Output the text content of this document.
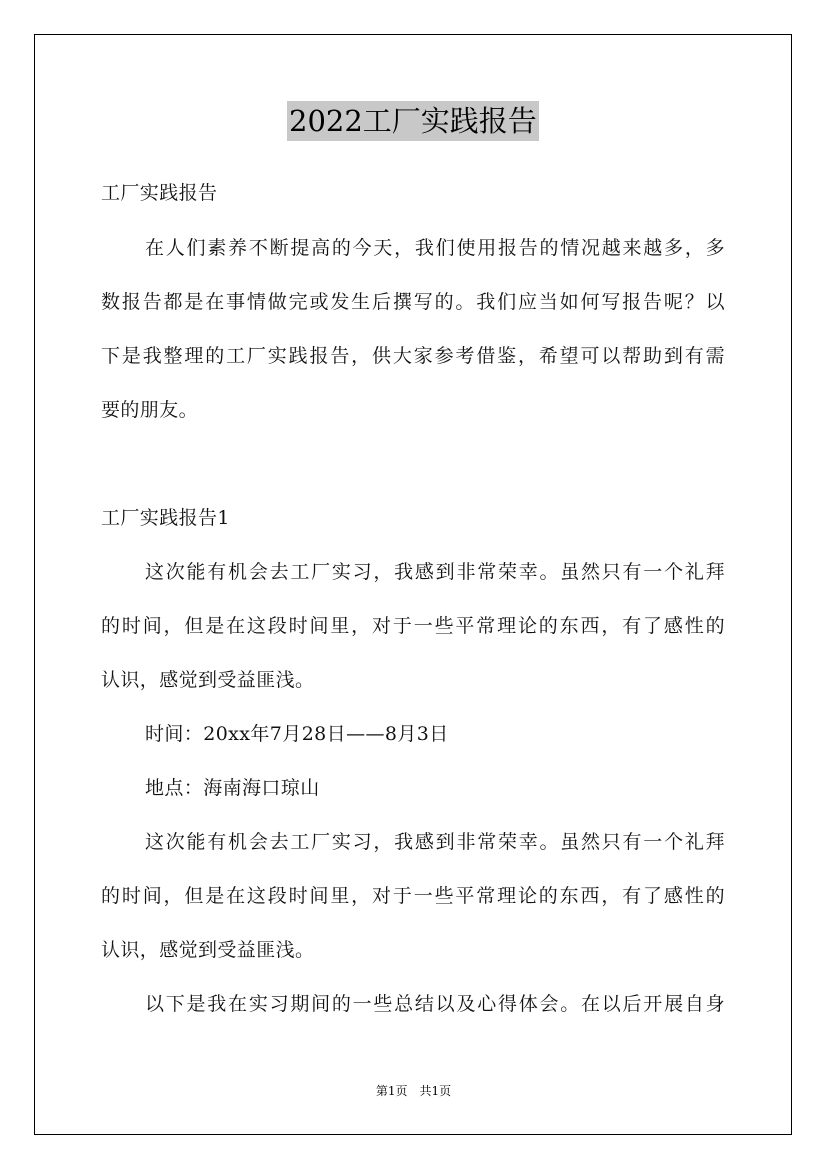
2022工厂实践报告
工厂实践报告
在人们素养不断提高的今天，我们使用报告的情况越来越多，多
数报告都是在事情做完或发生后撰写的。我们应当如何写报告呢？以
下是我整理的工厂实践报告，供大家参考借鉴，希望可以帮助到有需
要的朋友。
工厂实践报告1
这次能有机会去工厂实习，我感到非常荣幸。虽然只有一个礼拜
的时间，但是在这段时间里，对于一些平常理论的东西，有了感性的
认识，感觉到受益匪浅。
时间：20xx年7月28日——8月3日
地点：海南海口琼山
这次能有机会去工厂实习，我感到非常荣幸。虽然只有一个礼拜
的时间，但是在这段时间里，对于一些平常理论的东西，有了感性的
认识，感觉到受益匪浅。
以下是我在实习期间的一些总结以及心得体会。在以后开展自身
第1页　共1页
